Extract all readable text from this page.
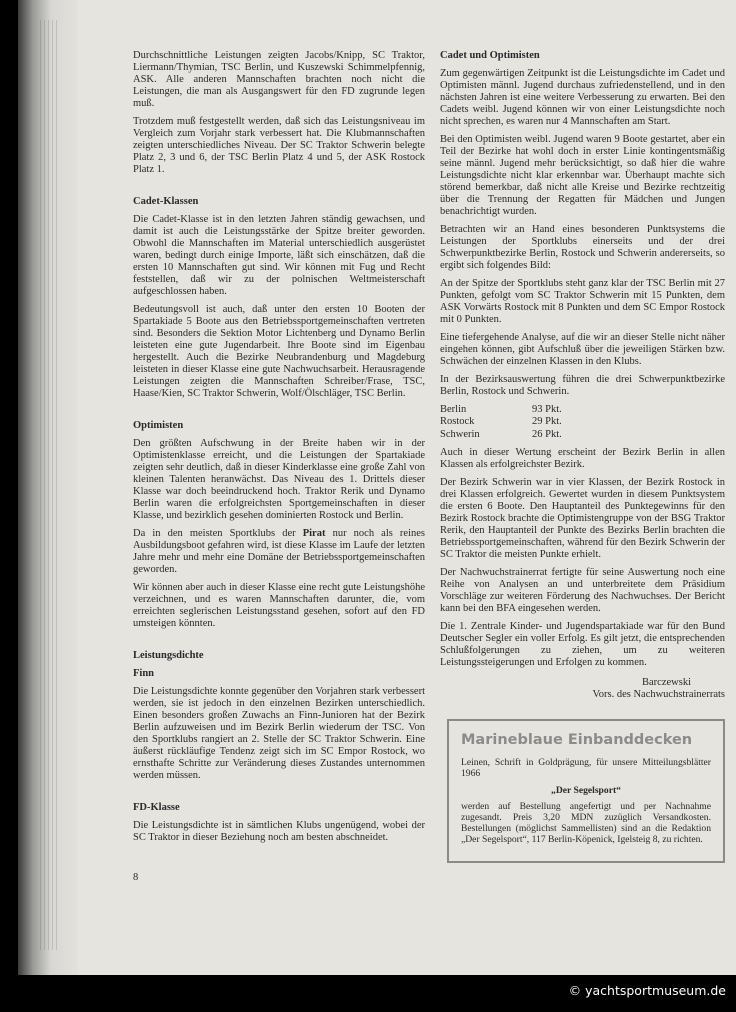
Durchschnittliche Leistungen zeigten Jacobs/Knipp, SC Traktor, Liermann/Thymian, TSC Berlin, und Kuszewski Schimmelpfennig, ASK. Alle anderen Mannschaften brachten noch nicht die Leistungen, die man als Ausgangswert für den FD zugrunde legen muß.

Trotzdem muß festgestellt werden, daß sich das Leistungsniveau im Vergleich zum Vorjahr stark verbessert hat. Die Klubmannschaften zeigten unterschiedliches Niveau. Der SC Traktor Schwerin belegte Platz 2, 3 und 6, der TSC Berlin Platz 4 und 5, der ASK Rostock Platz 1.

Cadet-Klassen

Die Cadet-Klasse ist in den letzten Jahren ständig gewachsen, und damit ist auch die Leistungsstärke der Spitze breiter geworden. Obwohl die Mannschaften im Material unterschiedlich ausgerüstet waren, bedingt durch einige Importe, läßt sich einschätzen, daß die ersten 10 Mannschaften gut sind. Wir können mit Fug und Recht feststellen, daß wir zu der polnischen Weltmeisterschaft aufgeschlossen haben.

Bedeutungsvoll ist auch, daß unter den ersten 10 Booten der Spartakiade 5 Boote aus den Betriebssportgemeinschaften vertreten sind. Besonders die Sektion Motor Lichtenberg und Dynamo Berlin leisteten eine gute Jugendarbeit. Ihre Boote sind im Eigenbau hergestellt. Auch die Bezirke Neubrandenburg und Magdeburg leisteten in dieser Klasse eine gute Nachwuchsarbeit. Herausragende Leistungen zeigten die Mannschaften Schreiber/Frase, TSC, Haase/Kien, SC Traktor Schwerin, Wolf/Ölschläger, TSC Berlin.

Optimisten

Den größten Aufschwung in der Breite haben wir in der Optimistenklasse erreicht, und die Leistungen der Spartakiade zeigten sehr deutlich, daß in dieser Kinderklasse eine große Zahl von kleinen Talenten heranwächst. Das Niveau des 1. Drittels dieser Klasse war doch beeindruckend hoch. Traktor Rerik und Dynamo Berlin waren die erfolgreichsten Sportgemeinschaften in dieser Klasse, und bezirklich gesehen dominierten Rostock und Berlin.

Da in den meisten Sportklubs der Pirat nur noch als reines Ausbildungsboot gefahren wird, ist diese Klasse im Laufe der letzten Jahre mehr und mehr eine Domäne der Betriebssportgemeinschaften geworden.

Wir können aber auch in dieser Klasse eine recht gute Leistungshöhe verzeichnen, und es waren Mannschaften darunter, die, vom erreichten seglerischen Leistungsstand gesehen, sofort auf den FD umsteigen könnten.

Leistungsdichte
Finn

Die Leistungsdichte konnte gegenüber den Vorjahren stark verbessert werden, sie ist jedoch in den einzelnen Bezirken unterschiedlich. Einen besonders großen Zuwachs an Finn-Junioren hat der Bezirk Berlin aufzuweisen und im Bezirk Berlin wiederum der TSC. Von den Sportklubs rangiert an 2. Stelle der SC Traktor Schwerin. Eine äußerst rückläufige Tendenz zeigt sich im SC Empor Rostock, wo ernsthafte Schritte zur Veränderung dieses Zustandes unternommen werden müssen.

FD-Klasse

Die Leistungsdichte ist in sämtlichen Klubs ungenügend, wobei der SC Traktor in dieser Beziehung noch am besten abschneidet.

8
Cadet und Optimisten

Zum gegenwärtigen Zeitpunkt ist die Leistungsdichte im Cadet und Optimisten männl. Jugend durchaus zufriedenstellend, und in den nächsten Jahren ist eine weitere Verbesserung zu erwarten. Bei den Cadets weibl. Jugend können wir von einer Leistungsdichte noch nicht sprechen, es waren nur 4 Mannschaften am Start.

Bei den Optimisten weibl. Jugend waren 9 Boote gestartet, aber ein Teil der Bezirke hat wohl doch in erster Linie kontingentsmäßig seine männl. Jugend mehr berücksichtigt, so daß hier die wahre Leistungsdichte nicht klar erkennbar war. Überhaupt machte sich störend bemerkbar, daß nicht alle Kreise und Bezirke rechtzeitig über die Trennung der Regatten für Mädchen und Jungen benachrichtigt wurden.

Betrachten wir an Hand eines besonderen Punktsystems die Leistungen der Sportklubs einerseits und der drei Schwerpunktbezirke Berlin, Rostock und Schwerin andererseits, so ergibt sich folgendes Bild:

An der Spitze der Sportklubs steht ganz klar der TSC Berlin mit 27 Punkten, gefolgt vom SC Traktor Schwerin mit 15 Punkten, dem ASK Vorwärts Rostock mit 8 Punkten und dem SC Empor Rostock mit 0 Punkten.

Eine tiefergehende Analyse, auf die wir an dieser Stelle nicht näher eingehen können, gibt Aufschluß über die jeweiligen Stärken bzw. Schwächen der einzelnen Klassen in den Klubs.

In der Bezirksauswertung führen die drei Schwerpunktbezirke Berlin, Rostock und Schwerin.

Berlin	93 Pkt.
Rostock	29 Pkt.
Schwerin	26 Pkt.

Auch in dieser Wertung erscheint der Bezirk Berlin in allen Klassen als erfolgreichster Bezirk.

Der Bezirk Schwerin war in vier Klassen, der Bezirk Rostock in drei Klassen erfolgreich. Gewertet wurden in diesem Punktsystem die ersten 6 Boote. Den Hauptanteil des Punktegewinns für den Bezirk Rostock brachte die Optimistengruppe von der BSG Traktor Rerik, den Hauptanteil der Punkte des Bezirks Berlin brachten die Betriebssportgemeinschaften, während für den Bezirk Schwerin der SC Traktor die meisten Punkte erhielt.

Der Nachwuchstrainerrat fertigte für seine Auswertung noch eine Reihe von Analysen an und unterbreitete dem Präsidium Vorschläge zur weiteren Förderung des Nachwuchses. Der Bericht kann bei den BFA eingesehen werden.

Die 1. Zentrale Kinder- und Jugendspartakiade war für den Bund Deutscher Segler ein voller Erfolg. Es gilt jetzt, die entsprechenden Schlußfolgerungen zu ziehen, um zu weiteren Leistungssteigerungen und Erfolgen zu kommen.

Barczewski
Vors. des Nachwuchstrainerrats
Marineblaue Einbanddecken

Leinen, Schrift in Goldprägung, für unsere Mitteilungsblätter 1966

„Der Segelsport“

werden auf Bestellung angefertigt und per Nachnahme zugesandt. Preis 3,20 MDN zuzüglich Versandkosten. Bestellungen (möglichst Sammellisten) sind an die Redaktion „Der Segelsport“, 117 Berlin-Köpenick, Igelsteig 8, zu richten.

© yachtsportmuseum.de
